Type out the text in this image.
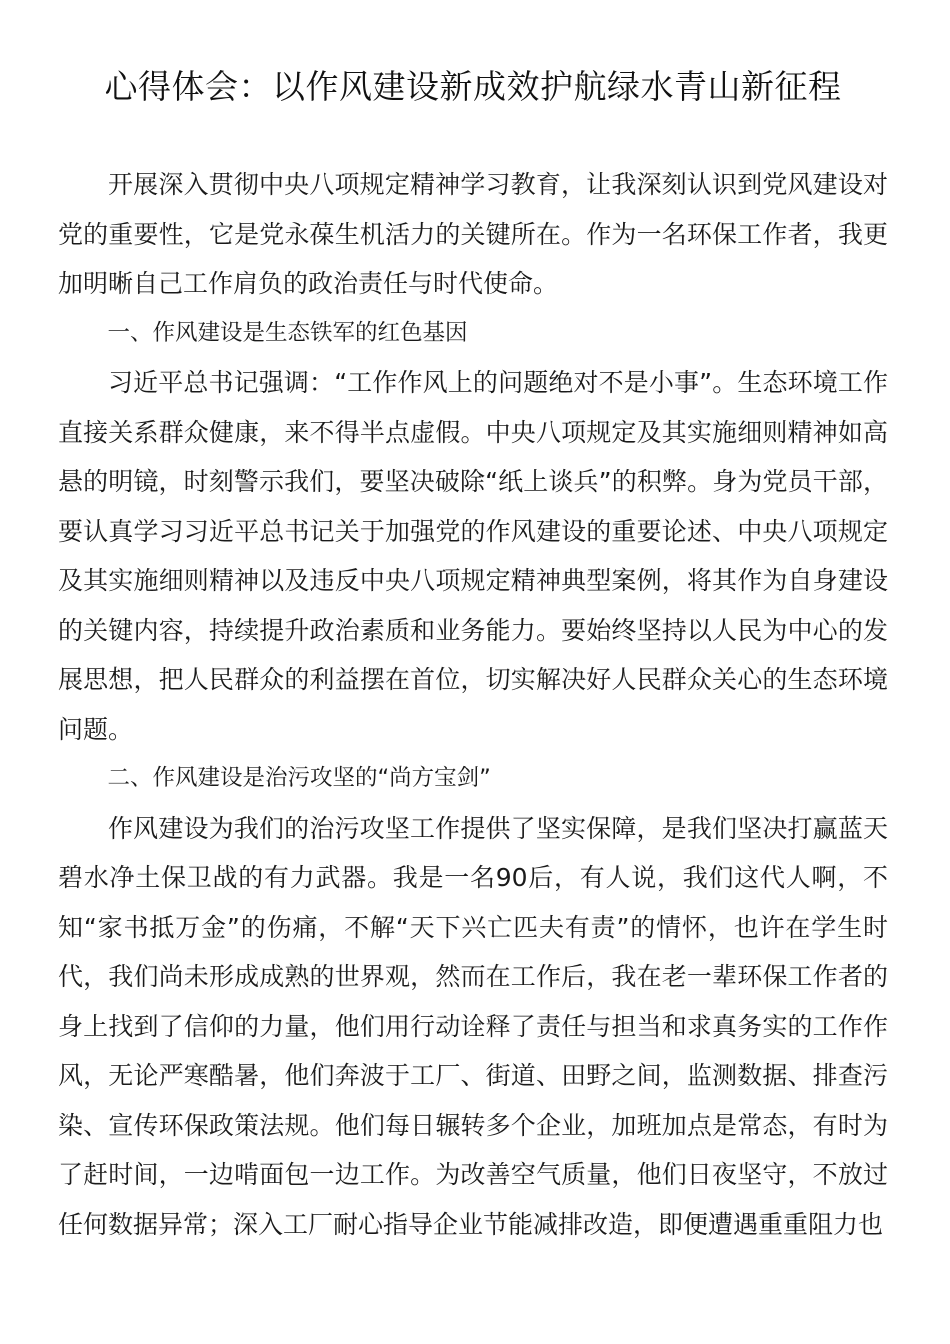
心得体会：以作风建设新成效护航绿水青山新征程

开展深入贯彻中央八项规定精神学习教育，让我深刻认识到党风建设对党的重要性，它是党永葆生机活力的关键所在。作为一名环保工作者，我更加明晰自己工作肩负的政治责任与时代使命。

一、作风建设是生态铁军的红色基因

习近平总书记强调：“工作作风上的问题绝对不是小事”。生态环境工作直接关系群众健康，来不得半点虚假。中央八项规定及其实施细则精神如高悬的明镜，时刻警示我们，要坚决破除“纸上谈兵”的积弊。身为党员干部，要认真学习习近平总书记关于加强党的作风建设的重要论述、中央八项规定及其实施细则精神以及违反中央八项规定精神典型案例，将其作为自身建设的关键内容，持续提升政治素质和业务能力。要始终坚持以人民为中心的发展思想，把人民群众的利益摆在首位，切实解决好人民群众关心的生态环境问题。

二、作风建设是治污攻坚的“尚方宝剑”

作风建设为我们的治污攻坚工作提供了坚实保障，是我们坚决打赢蓝天碧水净土保卫战的有力武器。我是一名90后，有人说，我们这代人啊，不知“家书抵万金”的伤痛，不解“天下兴亡匹夫有责”的情怀，也许在学生时代，我们尚未形成成熟的世界观，然而在工作后，我在老一辈环保工作者的身上找到了信仰的力量，他们用行动诠释了责任与担当和求真务实的工作作风，无论严寒酷暑，他们奔波于工厂、街道、田野之间，监测数据、排查污染、宣传环保政策法规。他们每日辗转多个企业，加班加点是常态，有时为了赶时间，一边啃面包一边工作。为改善空气质量，他们日夜坚守，不放过任何数据异常；深入工厂耐心指导企业节能减排改造，即便遭遇重重阻力也
